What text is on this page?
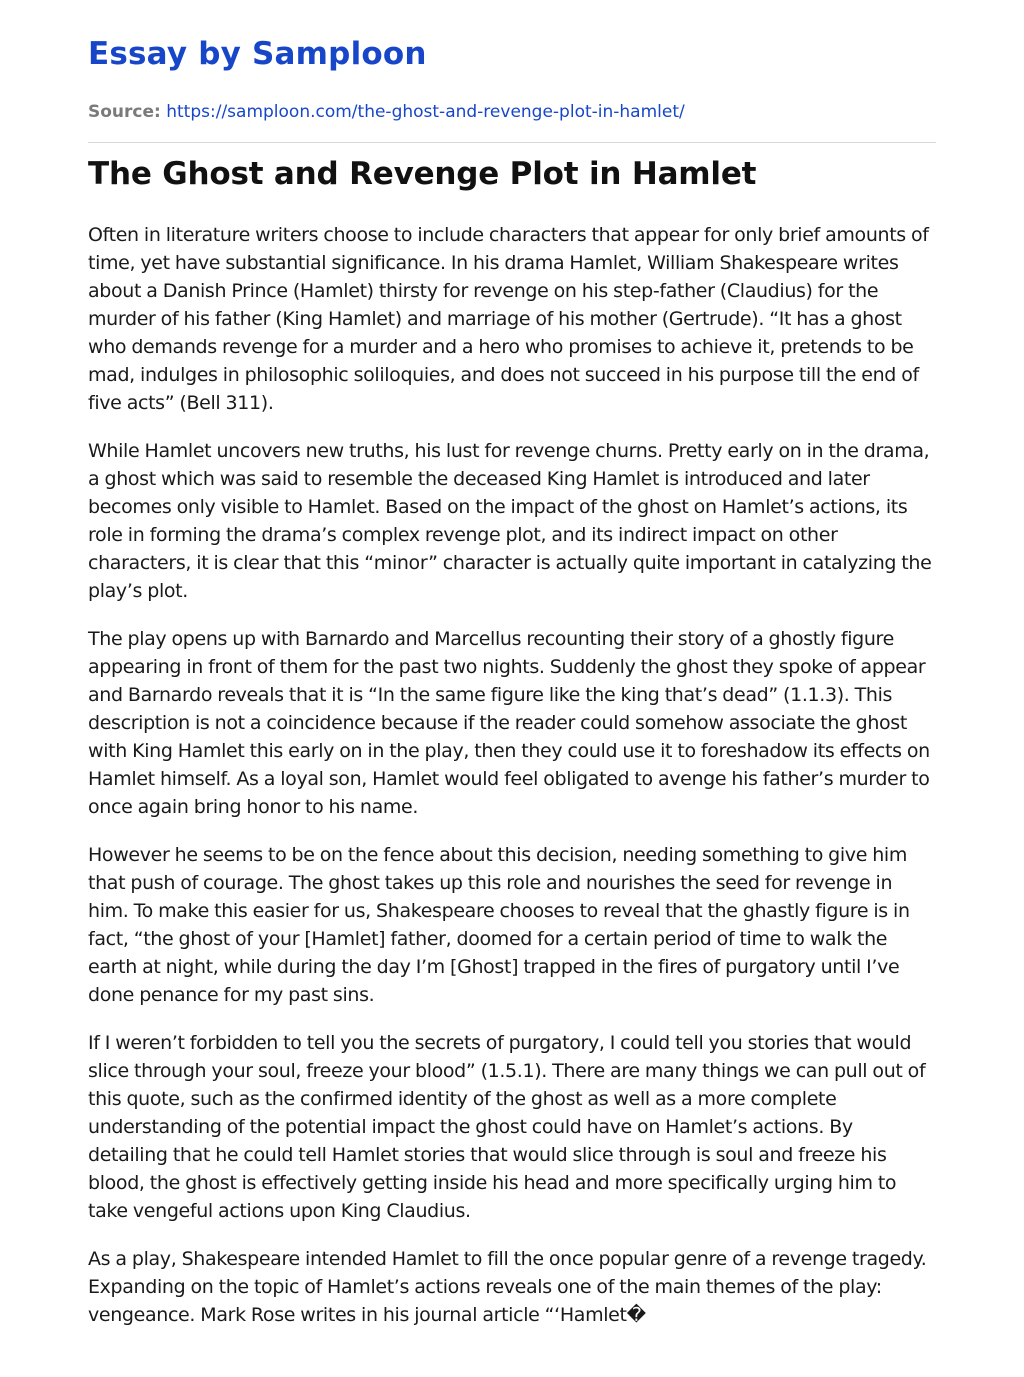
Essay by Samploon
Source: https://samploon.com/the-ghost-and-revenge-plot-in-hamlet/
The Ghost and Revenge Plot in Hamlet

Often in literature writers choose to include characters that appear for only brief amounts of time, yet have substantial significance. In his drama Hamlet, William Shakespeare writes about a Danish Prince (Hamlet) thirsty for revenge on his step-father (Claudius) for the murder of his father (King Hamlet) and marriage of his mother (Gertrude). “It has a ghost who demands revenge for a murder and a hero who promises to achieve it, pretends to be mad, indulges in philosophic soliloquies, and does not succeed in his purpose till the end of five acts” (Bell 311).

While Hamlet uncovers new truths, his lust for revenge churns. Pretty early on in the drama, a ghost which was said to resemble the deceased King Hamlet is introduced and later becomes only visible to Hamlet. Based on the impact of the ghost on Hamlet’s actions, its role in forming the drama’s complex revenge plot, and its indirect impact on other characters, it is clear that this “minor” character is actually quite important in catalyzing the play’s plot.

The play opens up with Barnardo and Marcellus recounting their story of a ghostly figure appearing in front of them for the past two nights. Suddenly the ghost they spoke of appear and Barnardo reveals that it is “In the same figure like the king that’s dead” (1.1.3). This description is not a coincidence because if the reader could somehow associate the ghost with King Hamlet this early on in the play, then they could use it to foreshadow its effects on Hamlet himself. As a loyal son, Hamlet would feel obligated to avenge his father’s murder to once again bring honor to his name.

However he seems to be on the fence about this decision, needing something to give him that push of courage. The ghost takes up this role and nourishes the seed for revenge in him. To make this easier for us, Shakespeare chooses to reveal that the ghastly figure is in fact, “the ghost of your [Hamlet] father, doomed for a certain period of time to walk the earth at night, while during the day I’m [Ghost] trapped in the fires of purgatory until I’ve done penance for my past sins.

If I weren’t forbidden to tell you the secrets of purgatory, I could tell you stories that would slice through your soul, freeze your blood” (1.5.1). There are many things we can pull out of this quote, such as the confirmed identity of the ghost as well as a more complete understanding of the potential impact the ghost could have on Hamlet’s actions. By detailing that he could tell Hamlet stories that would slice through is soul and freeze his blood, the ghost is effectively getting inside his head and more specifically urging him to take vengeful actions upon King Claudius.

As a play, Shakespeare intended Hamlet to fill the once popular genre of a revenge tragedy. Expanding on the topic of Hamlet’s actions reveals one of the main themes of the play: vengeance. Mark Rose writes in his journal article “‘Hamlet�
